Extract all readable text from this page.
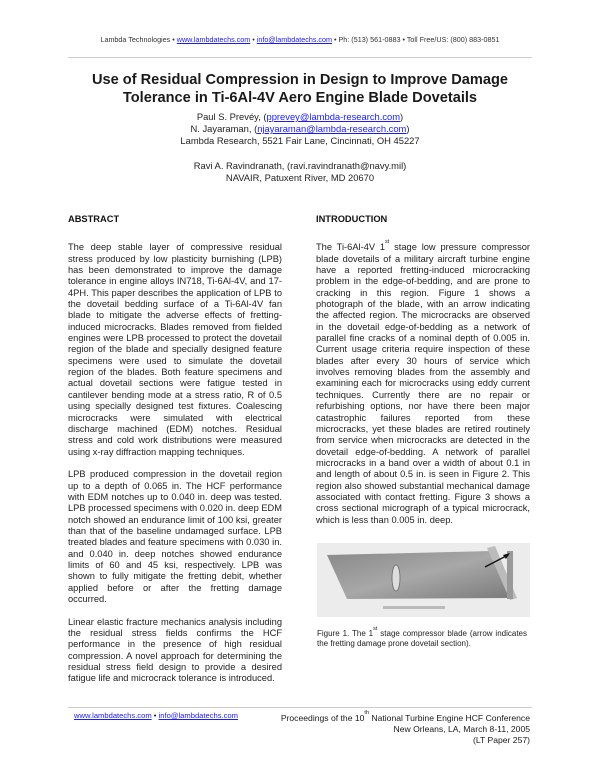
Lambda Technologies • www.lambdatechs.com • info@lambdatechs.com • Ph: (513) 561-0883 • Toll Free/US: (800) 883-0851
Use of Residual Compression in Design to Improve Damage
Tolerance in Ti-6Al-4V Aero Engine Blade Dovetails
Paul S. Prevéy, (pprevey@lambda-research.com)
N. Jayaraman, (njayaraman@lambda-research.com)
Lambda Research, 5521 Fair Lane, Cincinnati, OH 45227
Ravi A. Ravindranath, (ravi.ravindranath@navy.mil)
NAVAIR, Patuxent River, MD 20670
ABSTRACT

The deep stable layer of compressive residual stress produced by low plasticity burnishing (LPB) has been demonstrated to improve the damage tolerance in engine alloys IN718, Ti-6Al-4V, and 17-4PH. This paper describes the application of LPB to the dovetail bedding surface of a Ti-6Al-4V fan blade to mitigate the adverse effects of fretting-induced microcracks. Blades removed from fielded engines were LPB processed to protect the dovetail region of the blade and specially designed feature specimens were used to simulate the dovetail region of the blades. Both feature specimens and actual dovetail sections were fatigue tested in cantilever bending mode at a stress ratio, R of 0.5 using specially designed test fixtures. Coalescing microcracks were simulated with electrical discharge machined (EDM) notches. Residual stress and cold work distributions were measured using x-ray diffraction mapping techniques.

LPB produced compression in the dovetail region up to a depth of 0.065 in. The HCF performance with EDM notches up to 0.040 in. deep was tested. LPB processed specimens with 0.020 in. deep EDM notch showed an endurance limit of 100 ksi, greater than that of the baseline undamaged surface. LPB treated blades and feature specimens with 0.030 in. and 0.040 in. deep notches showed endurance limits of 60 and 45 ksi, respectively. LPB was shown to fully mitigate the fretting debit, whether applied before or after the fretting damage occurred.

Linear elastic fracture mechanics analysis including the residual stress fields confirms the HCF performance in the presence of high residual compression. A novel approach for determining the residual stress field design to provide a desired fatigue life and microcrack tolerance is introduced.

INTRODUCTION

The Ti-6Al-4V 1st stage low pressure compressor blade dovetails of a military aircraft turbine engine have a reported fretting-induced microcracking problem in the edge-of-bedding, and are prone to cracking in this region. Figure 1 shows a photograph of the blade, with an arrow indicating the affected region. The microcracks are observed in the dovetail edge-of-bedding as a network of parallel fine cracks of a nominal depth of 0.005 in. Current usage criteria require inspection of these blades after every 30 hours of service which involves removing blades from the assembly and examining each for microcracks using eddy current techniques. Currently there are no repair or refurbishing options, nor have there been major catastrophic failures reported from these microcracks, yet these blades are retired routinely from service when microcracks are detected in the dovetail edge-of-bedding. A network of parallel microcracks in a band over a width of about 0.1 in and length of about 0.5 in. is seen in Figure 2. This region also showed substantial mechanical damage associated with contact fretting. Figure 3 shows a cross sectional micrograph of a typical microcrack, which is less than 0.005 in. deep.

Figure 1. The 1st stage compressor blade (arrow indicates the fretting damage prone dovetail section).
www.lambdatechs.com • info@lambdatechs.com	Proceedings of the 10th National Turbine Engine HCF Conference
New Orleans, LA, March 8-11, 2005
(LT Paper 257)
